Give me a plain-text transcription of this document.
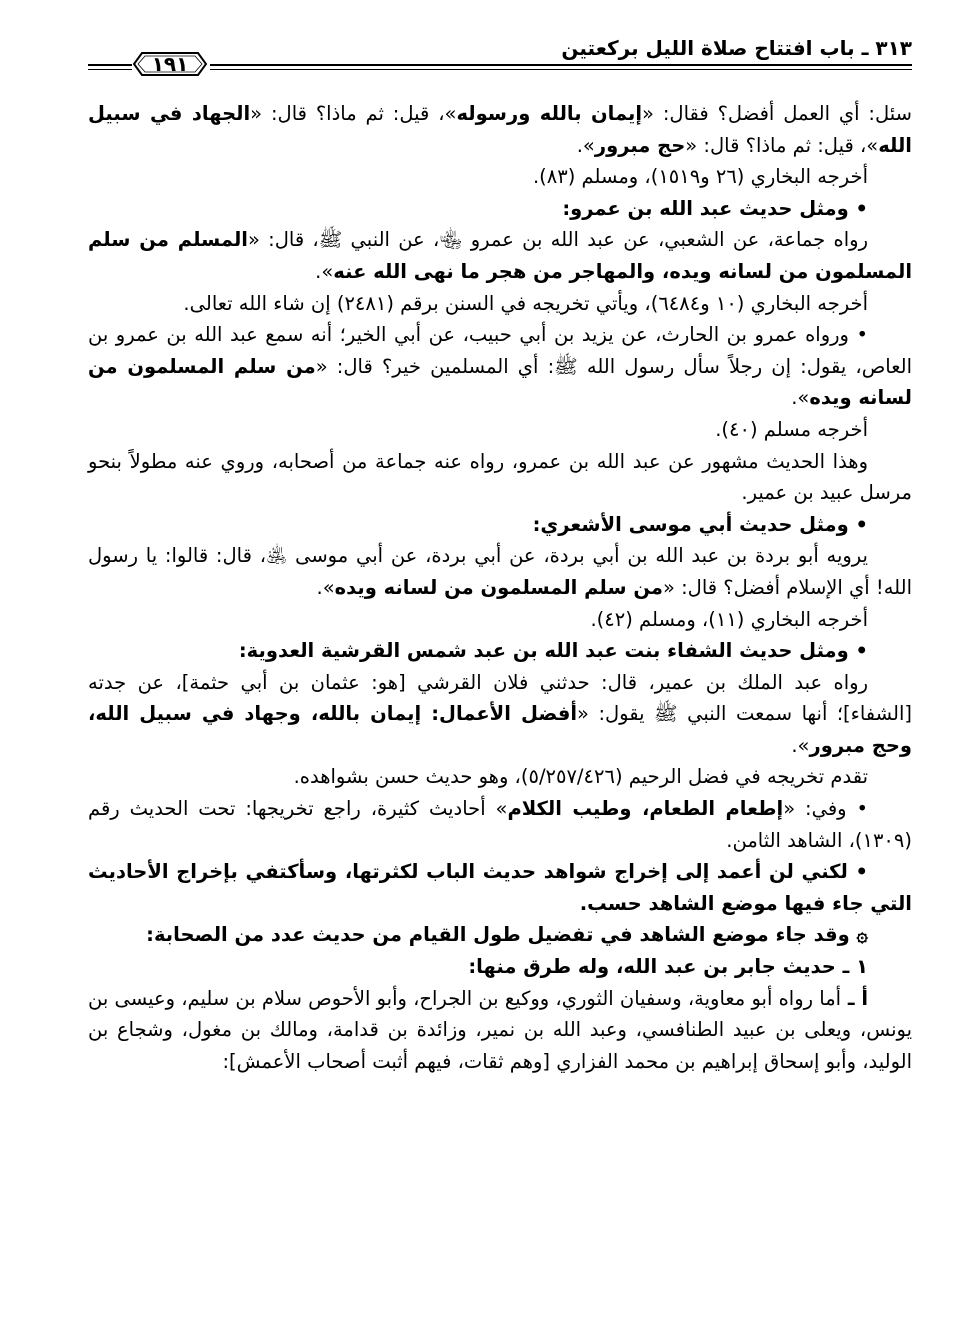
٣١٣ ـ باب افتتاح صلاة الليل بركعتين
١٩١

سئل: أي العمل أفضل؟ فقال: «إيمان بالله ورسوله»، قيل: ثم ماذا؟ قال: «الجهاد في سبيل الله»، قيل: ثم ماذا؟ قال: «حج مبرور».

أخرجه البخاري (٢٦ و١٥١٩)، ومسلم (٨٣).

• ومثل حديث عبد الله بن عمرو:

رواه جماعة، عن الشعبي، عن عبد الله بن عمرو ﵄، عن النبي ﷺ، قال: «المسلم من سلم المسلمون من لسانه ويده، والمهاجر من هجر ما نهى الله عنه».

أخرجه البخاري (١٠ و٦٤٨٤)، ويأتي تخريجه في السنن برقم (٢٤٨١) إن شاء الله تعالى.

• ورواه عمرو بن الحارث، عن يزيد بن أبي حبيب، عن أبي الخير؛ أنه سمع عبد الله بن عمرو بن العاص، يقول: إن رجلاً سأل رسول الله ﷺ: أي المسلمين خير؟ قال: «من سلم المسلمون من لسانه ويده».

أخرجه مسلم (٤٠).

وهذا الحديث مشهور عن عبد الله بن عمرو، رواه عنه جماعة من أصحابه، وروي عنه مطولاً بنحو مرسل عبيد بن عمير.

• ومثل حديث أبي موسى الأشعري:

يرويه أبو بردة بن عبد الله بن أبي بردة، عن أبي بردة، عن أبي موسى ﵁، قال: قالوا: يا رسول الله! أي الإسلام أفضل؟ قال: «من سلم المسلمون من لسانه ويده».

أخرجه البخاري (١١)، ومسلم (٤٢).

• ومثل حديث الشفاء بنت عبد الله بن عبد شمس القرشية العدوية:

رواه عبد الملك بن عمير، قال: حدثني فلان القرشي [هو: عثمان بن أبي حثمة]، عن جدته [الشفاء]؛ أنها سمعت النبي ﷺ يقول: «أفضل الأعمال: إيمان بالله، وجهاد في سبيل الله، وحج مبرور».

تقدم تخريجه في فضل الرحيم (٥/٢٥٧/٤٢٦)، وهو حديث حسن بشواهده.

• وفي: «إطعام الطعام، وطيب الكلام» أحاديث كثيرة، راجع تخريجها: تحت الحديث رقم (١٣٠٩)، الشاهد الثامن.

• لكني لن أعمد إلى إخراج شواهد حديث الباب لكثرتها، وسأكتفي بإخراج الأحاديث التي جاء فيها موضع الشاهد حسب.

۞ وقد جاء موضع الشاهد في تفضيل طول القيام من حديث عدد من الصحابة:

١ ـ حديث جابر بن عبد الله، وله طرق منها:

أ ـ أما رواه أبو معاوية، وسفيان الثوري، ووكيع بن الجراح، وأبو الأحوص سلام بن سليم، وعيسى بن يونس، ويعلى بن عبيد الطنافسي، وعبد الله بن نمير، وزائدة بن قدامة، ومالك بن مغول، وشجاع بن الوليد، وأبو إسحاق إبراهيم بن محمد الفزاري [وهم ثقات، فيهم أثبت أصحاب الأعمش]:
